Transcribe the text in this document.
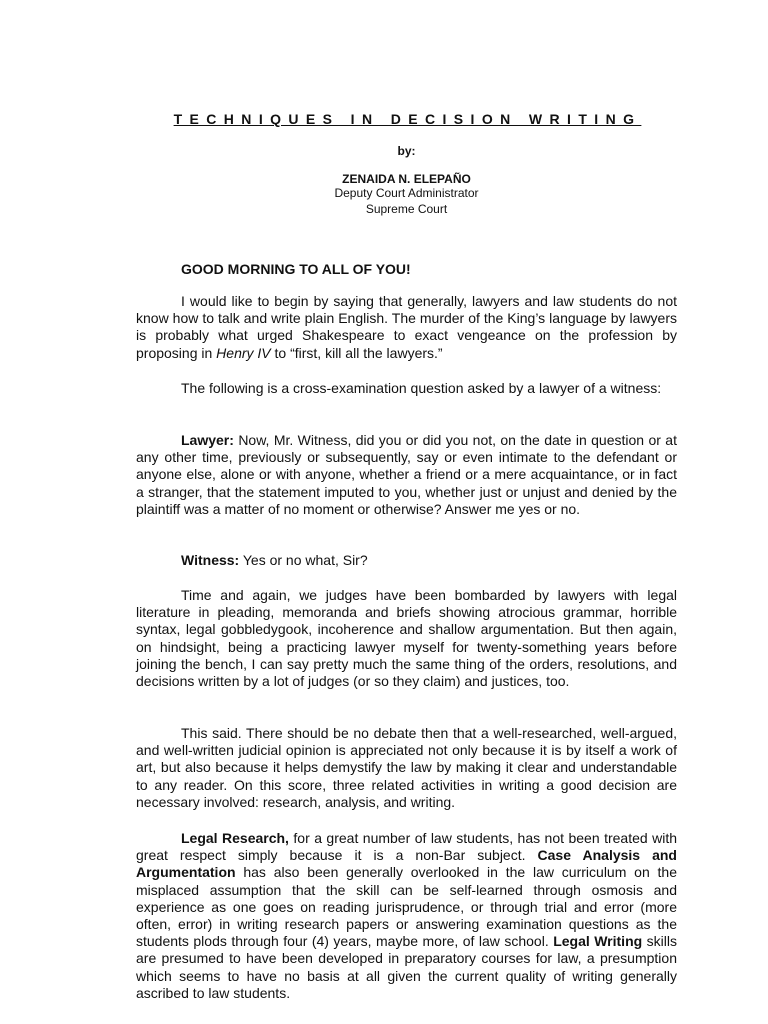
TECHNIQUES IN DECISION WRITING
by:
ZENAIDA N. ELEPAÑO
Deputy Court Administrator
Supreme Court
GOOD MORNING TO ALL OF YOU!

I would like to begin by saying that generally, lawyers and law students do not know how to talk and write plain English. The murder of the King’s language by lawyers is probably what urged Shakespeare to exact vengeance on the profession by proposing in Henry IV to “first, kill all the lawyers.”

The following is a cross-examination question asked by a lawyer of a witness:

Lawyer: Now, Mr. Witness, did you or did you not, on the date in question or at any other time, previously or subsequently, say or even intimate to the defendant or anyone else, alone or with anyone, whether a friend or a mere acquaintance, or in fact a stranger, that the statement imputed to you, whether just or unjust and denied by the plaintiff was a matter of no moment or otherwise? Answer me yes or no.

Witness: Yes or no what, Sir?

Time and again, we judges have been bombarded by lawyers with legal literature in pleading, memoranda and briefs showing atrocious grammar, horrible syntax, legal gobbledygook, incoherence and shallow argumentation. But then again, on hindsight, being a practicing lawyer myself for twenty-something years before joining the bench, I can say pretty much the same thing of the orders, resolutions, and decisions written by a lot of judges (or so they claim) and justices, too.

This said. There should be no debate then that a well-researched, well-argued, and well-written judicial opinion is appreciated not only because it is by itself a work of art, but also because it helps demystify the law by making it clear and understandable to any reader. On this score, three related activities in writing a good decision are necessary involved: research, analysis, and writing.

Legal Research, for a great number of law students, has not been treated with great respect simply because it is a non-Bar subject. Case Analysis and Argumentation has also been generally overlooked in the law curriculum on the misplaced assumption that the skill can be self-learned through osmosis and experience as one goes on reading jurisprudence, or through trial and error (more often, error) in writing research papers or answering examination questions as the students plods through four (4) years, maybe more, of law school. Legal Writing skills are presumed to have been developed in preparatory courses for law, a presumption which seems to have no basis at all given the current quality of writing generally ascribed to law students.
